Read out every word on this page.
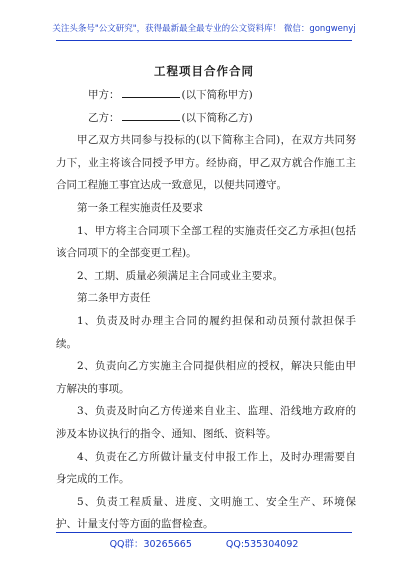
关注头条号"公文研究"，获得最新最全最专业的公文资料库！ 微信：gongwenyj
工程项目合作合同

甲方：	(以下简称甲方)

乙方：	(以下简称乙方)

甲乙双方共同参与投标的(以下简称主合同)，在双方共同努力下，业主将该合同授予甲方。经协商，甲乙双方就合作施工主合同工程施工事宜达成一致意见，以便共同遵守。

第一条工程实施责任及要求

1、甲方将主合同项下全部工程的实施责任交乙方承担(包括该合同项下的全部变更工程)。

2、工期、质量必须满足主合同或业主要求。

第二条甲方责任

1、负责及时办理主合同的履约担保和动员预付款担保手续。

2、负责向乙方实施主合同提供相应的授权，解决只能由甲方解决的事项。

3、负责及时向乙方传递来自业主、监理、沿线地方政府的涉及本协议执行的指令、通知、图纸、资料等。

4、负责在乙方所做计量支付申报工作上，及时办理需要自身完成的工作。

5、负责工程质量、进度、文明施工、安全生产、环境保护、计量支付等方面的监督检查。

QQ群：30265665	QQ:535304092
